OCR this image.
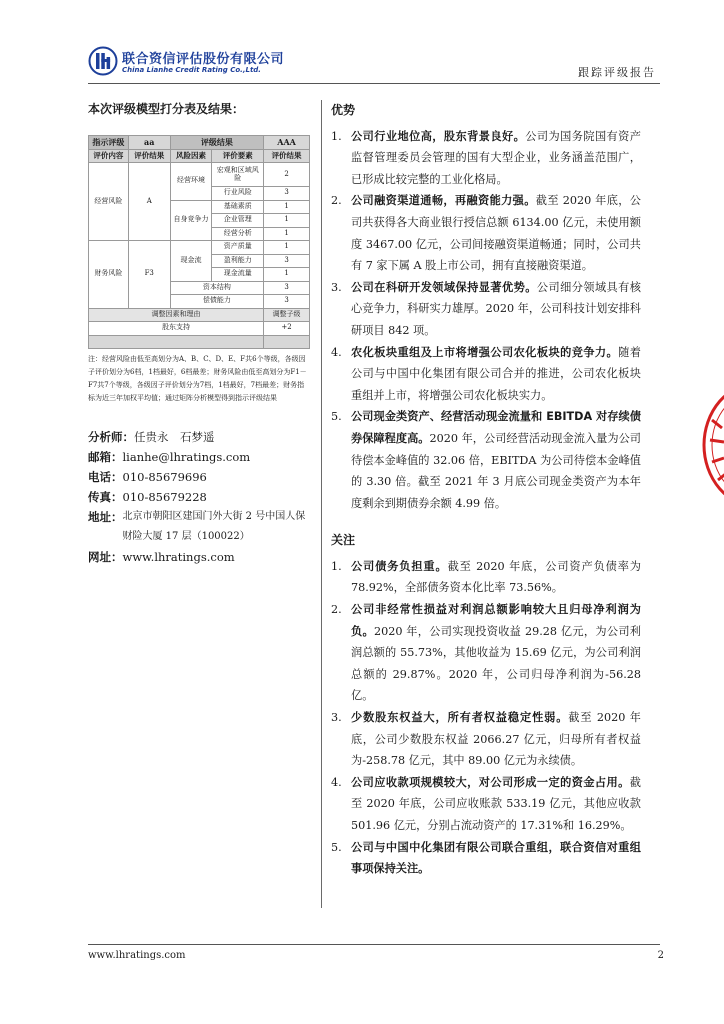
联合资信评估股份有限公司
China Lianhe Credit Rating Co.,Ltd.	跟踪评级报告
本次评级模型打分表及结果：
指示评级	aa	评级结果		AAA
评价内容	评价结果	风险因素	评价要素	评价结果
经营风险	A	经营环境	宏观和区域风险	2
			行业风险	3
		自身竞争力	基础素质	1
			企业管理	1
			经营分析	1
财务风险	F3	现金流	资产质量	1
			盈利能力	3
			现金流量	1
		资本结构		3
		偿债能力		3
调整因素和理由				调整子级
股东支持				+2

注：经营风险由低至高划分为A、B、C、D、E、F共6个等级，各级因子评价划分为6档，1档最好，6档最差；财务风险由低至高划分为F1－F7共7个等级，各级因子评价划分为7档，1档最好，7档最差；财务指标为近三年加权平均值；通过矩阵分析模型得到指示评级结果
分析师：任贵永　石梦遥
邮箱：lianhe@lhratings.com
电话：010-85679696
传真：010-85679228
地址： 北京市朝阳区建国门外大街 2 号中国人保财险大厦 17 层（100022）
网址：www.lhratings.com
优势
1. 公司行业地位高，股东背景良好。公司为国务院国有资产监督管理委员会管理的国有大型企业，业务涵盖范围广，已形成比较完整的工业化格局。
2. 公司融资渠道通畅，再融资能力强。截至 2020 年底，公司共获得各大商业银行授信总额 6134.00 亿元，未使用额度 3467.00 亿元，公司间接融资渠道畅通；同时，公司共有 7 家下属 A 股上市公司，拥有直接融资渠道。
3. 公司在科研开发领域保持显著优势。公司细分领域具有核心竞争力，科研实力雄厚。2020 年，公司科技计划安排科研项目 842 项。
4. 农化板块重组及上市将增强公司农化板块的竞争力。随着公司与中国中化集团有限公司合并的推进，公司农化板块重组并上市，将增强公司农化板块实力。
5. 公司现金类资产、经营活动现金流量和 EBITDA 对存续债券保障程度高。2020 年，公司经营活动现金流入量为公司待偿本金峰值的 32.06 倍，EBITDA 为公司待偿本金峰值的 3.30 倍。截至 2021 年 3 月底公司现金类资产为本年度剩余到期债券余额 4.99 倍。
关注
1. 公司债务负担重。截至 2020 年底，公司资产负债率为 78.92%，全部债务资本化比率 73.56%。
2. 公司非经常性损益对利润总额影响较大且归母净利润为负。2020 年，公司实现投资收益 29.28 亿元，为公司利润总额的 55.73%，其他收益为 15.69 亿元，为公司利润总额的 29.87%。2020 年，公司归母净利润为-56.28 亿。
3. 少数股东权益大，所有者权益稳定性弱。截至 2020 年底，公司少数股东权益 2066.27 亿元，归母所有者权益为-258.78 亿元，其中 89.00 亿元为永续债。
4. 公司应收款项规模较大，对公司形成一定的资金占用。截至 2020 年底，公司应收账款 533.19 亿元，其他应收款 501.96 亿元，分别占流动资产的 17.31%和 16.29%。
5. 公司与中国中化集团有限公司联合重组，联合资信对重组事项保持关注。
www.lhratings.com	2
